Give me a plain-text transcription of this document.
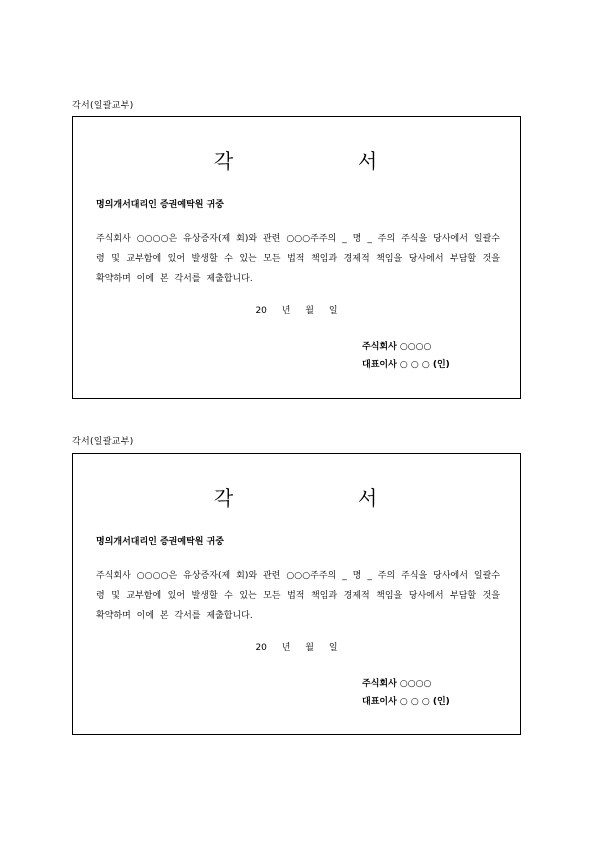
각서(일괄교부)
각	서
명의개서대리인 증권예탁원 귀중
주식회사 ○○○○은 유상증자(제 회)와 관련 ○○○주주의 _ 명 _ 주의 주식을 당사에서 일괄수령 및 교부함에 있어 발생할 수 있는 모든 법적 책임과 경제적 책임을 당사에서 부담할 것을 확약하며 이에 본 각서를 제출합니다.
20 년 월 일
주식회사 ○○○○
대표이사 ○ ○ ○ (인)
각서(일괄교부)
각	서
명의개서대리인 증권예탁원 귀중
주식회사 ○○○○은 유상증자(제 회)와 관련 ○○○주주의 _ 명 _ 주의 주식을 당사에서 일괄수령 및 교부함에 있어 발생할 수 있는 모든 법적 책임과 경제적 책임을 당사에서 부담할 것을 확약하며 이에 본 각서를 제출합니다.
20 년 월 일
주식회사 ○○○○
대표이사 ○ ○ ○ (인)
